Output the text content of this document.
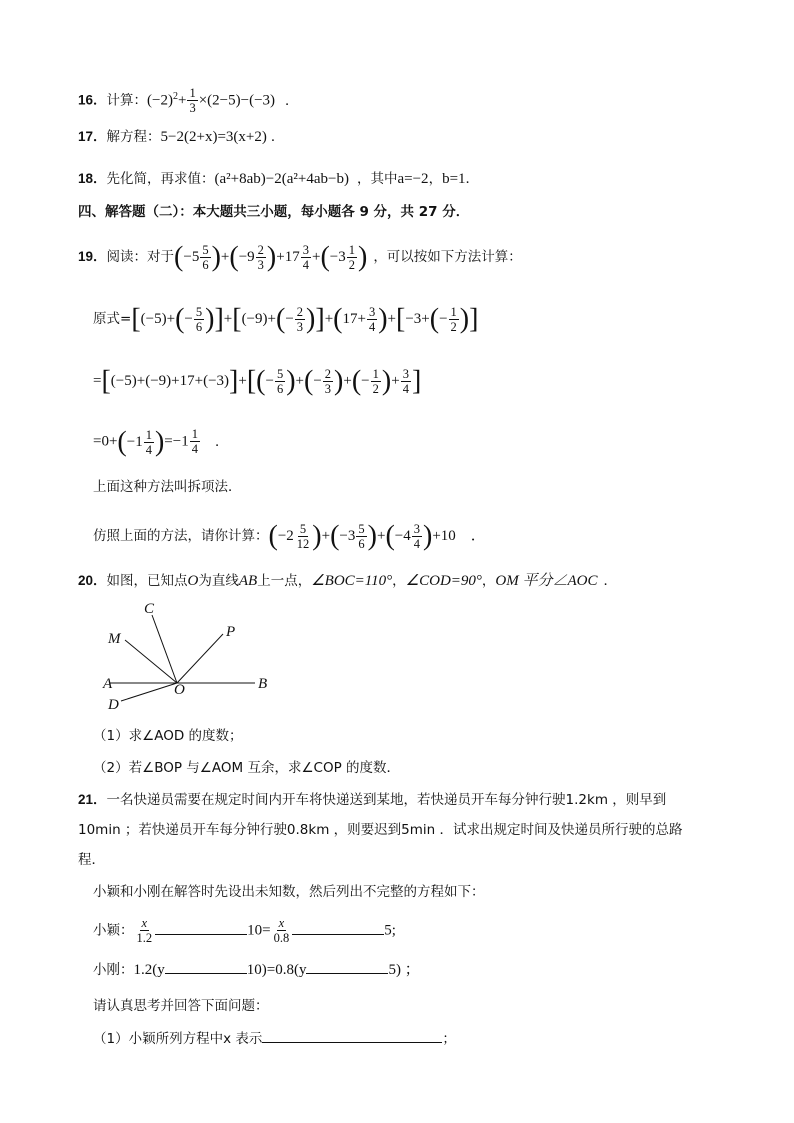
16．计算：$(-2)^2+ \frac{1}{3} \times(2-5)-(-3)$ ．
17．解方程：5−2(2+x)=3(x+2) ．
18．先化简，再求值：(a²+8ab)−2(a²+4ab−b) ，其中a=−2，b=1．
四、解答题（二）：本大题共三小题，每小题各 9 分，共 27 分．
19．阅读：对于$(-5 \frac{5}{6} )+(-9 \frac{2}{3} )+17 \frac{3}{4} +(-3 \frac{1}{2}$ ) ，可以按如下方法计算：
原式$=[(-5)+(- \frac{5}{6} )]+[(-9)+(- \frac{2}{3} )]+(17+ \frac{3}{4} )+[-3+(- \frac{1}{2}$ )]
$=[(-5)+(-9)+17+(-3)]+[(- \frac{5}{6}$ )+(− $\frac{2}{3}$ )+(− $\frac{1}{2}$ )+ $\frac{3}{4}$ ]
$=0+(-1 \frac{1}{4} )=-1 \frac{1}{4}$ ．
上面这种方法叫拆项法．
仿照上面的方法，请你计算：$(-2 \frac{5}{12} )+(-3 \frac{5}{6} )+(-4 \frac{3}{4} )+10$　．
20．如图，已知点O为直线AB上一点，∠BOC=110°，∠COD=90°，OM 平分∠AOC ．
C
M	P
A	O	B
D
（1）求∠AOD 的度数；
（2）若∠BOP 与∠AOM 互余，求∠COP 的度数．
21．一名快递员需要在规定时间内开车将快递送到某地，若快递员开车每分钟行驶1.2km ，则早到
10min ；若快递员开车每分钟行驶0.8km ，则要迟到5min ．试求出规定时间及快递员所行驶的总路
程．
小颖和小刚在解答时先设出未知数，然后列出不完整的方程如下：
小颖： $\frac{x}{1.2}$	$10= \frac{x}{0.8}$	5;
小刚：1.2(y	10)=0.8(y	5) ；
请认真思考并回答下面问题：
（1）小颖所列方程中x 表示	；
